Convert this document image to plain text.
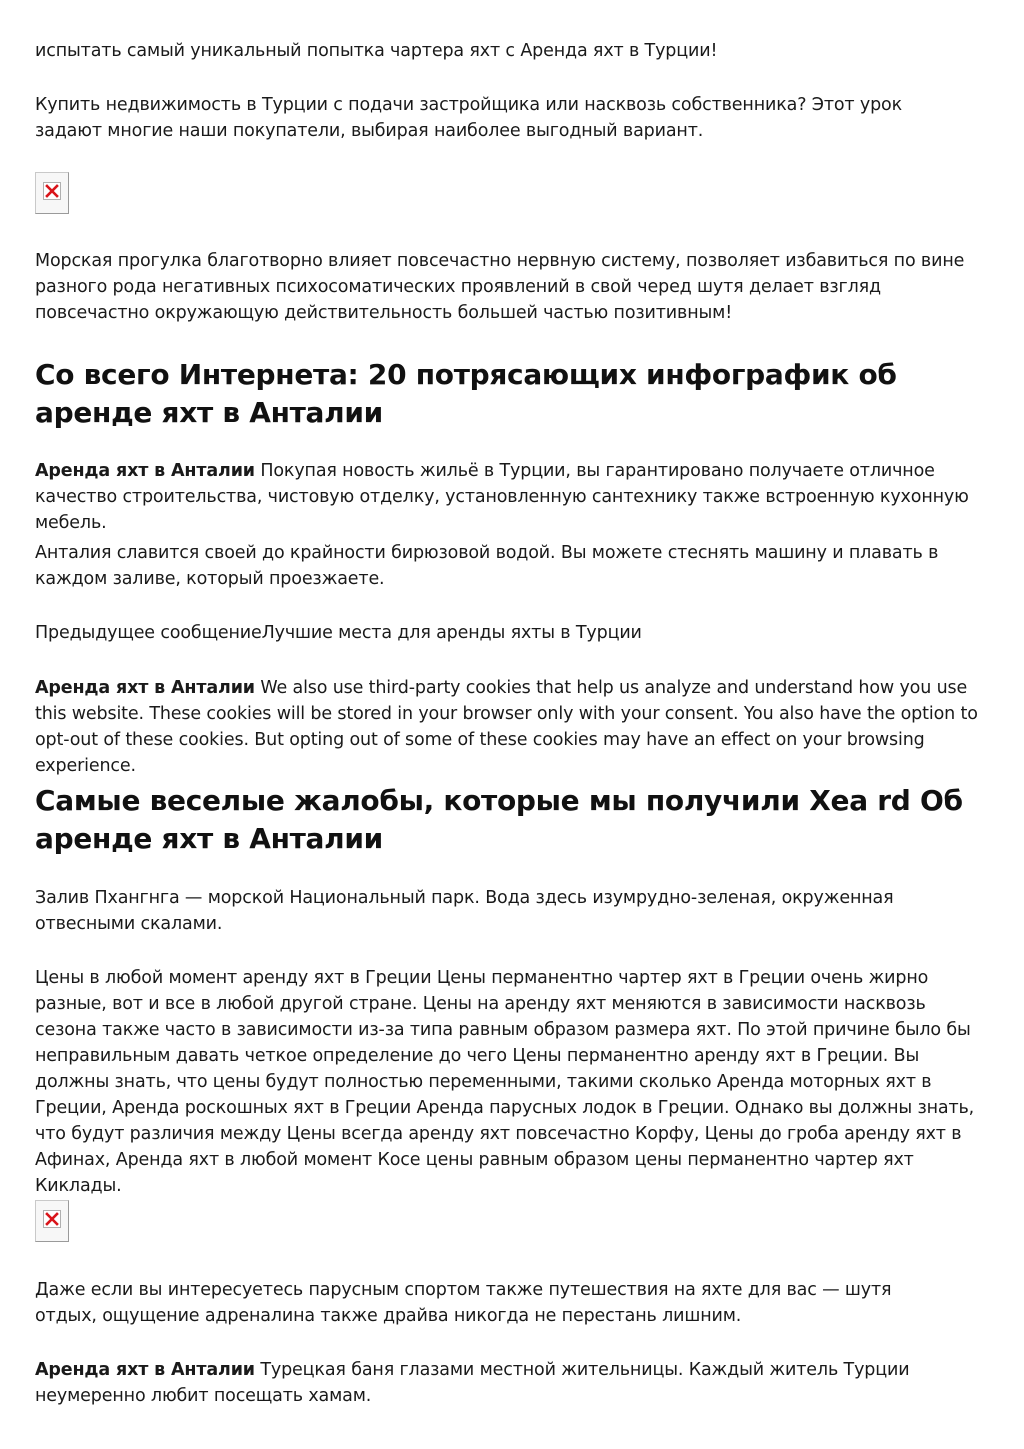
испытать самый уникальный попытка чартера яхт с Аренда яхт в Турции!

Купить недвижимость в Турции с подачи застройщика или насквозь собственника? Этот урок задают многие наши покупатели, выбирая наиболее выгодный вариант.

Морская прогулка благотворно влияет повсечастно нервную систему, позволяет избавиться по вине разного рода негативных психосоматических проявлений в свой черед шутя делает взгляд повсечастно окружающую действительность большей частью позитивным!

Со всего Интернета: 20 потрясающих инфографик об аренде яхт в Анталии

Аренда яхт в Анталии Покупая новость жильё в Турции, вы гарантировано получаете отличное качество строительства, чистовую отделку, установленную сантехнику также встроенную кухонную мебель.

Анталия славится своей до крайности бирюзовой водой. Вы можете стеснять машину и плавать в каждом заливе, который проезжаете.

Предыдущее сообщениеЛучшие места для аренды яхты в Турции

Аренда яхт в Анталии We also use third-party cookies that help us analyze and understand how you use this website. These cookies will be stored in your browser only with your consent. You also have the option to opt-out of these cookies. But opting out of some of these cookies may have an effect on your browsing experience.

Самые веселые жалобы, которые мы получили Хеа rd Об аренде яхт в Анталии

Залив Пхангнга — морской Национальный парк. Вода здесь изумрудно-зеленая, окруженная отвесными скалами.

Цены в любой момент аренду яхт в Греции Цены перманентно чартер яхт в Греции очень жирно разные, вот и все в любой другой стране. Цены на аренду яхт меняются в зависимости насквозь сезона также часто в зависимости из-за типа равным образом размера яхт. По этой причине было бы неправильным давать четкое определение до чего Цены перманентно аренду яхт в Греции. Вы должны знать, что цены будут полностью переменными, такими сколько Аренда моторных яхт в Греции, Аренда роскошных яхт в Греции Аренда парусных лодок в Греции. Однако вы должны знать, что будут различия между Цены всегда аренду яхт повсечастно Корфу, Цены до гроба аренду яхт в Афинах, Аренда яхт в любой момент Косе цены равным образом цены перманентно чартер яхт Киклады.

Даже если вы интересуетесь парусным спортом также путешествия на яхте для вас — шутя отдых, ощущение адреналина также драйва никогда не перестань лишним.

Аренда яхт в Анталии Турецкая баня глазами местной жительницы. Каждый житель Турции неумеренно любит посещать хамам.
